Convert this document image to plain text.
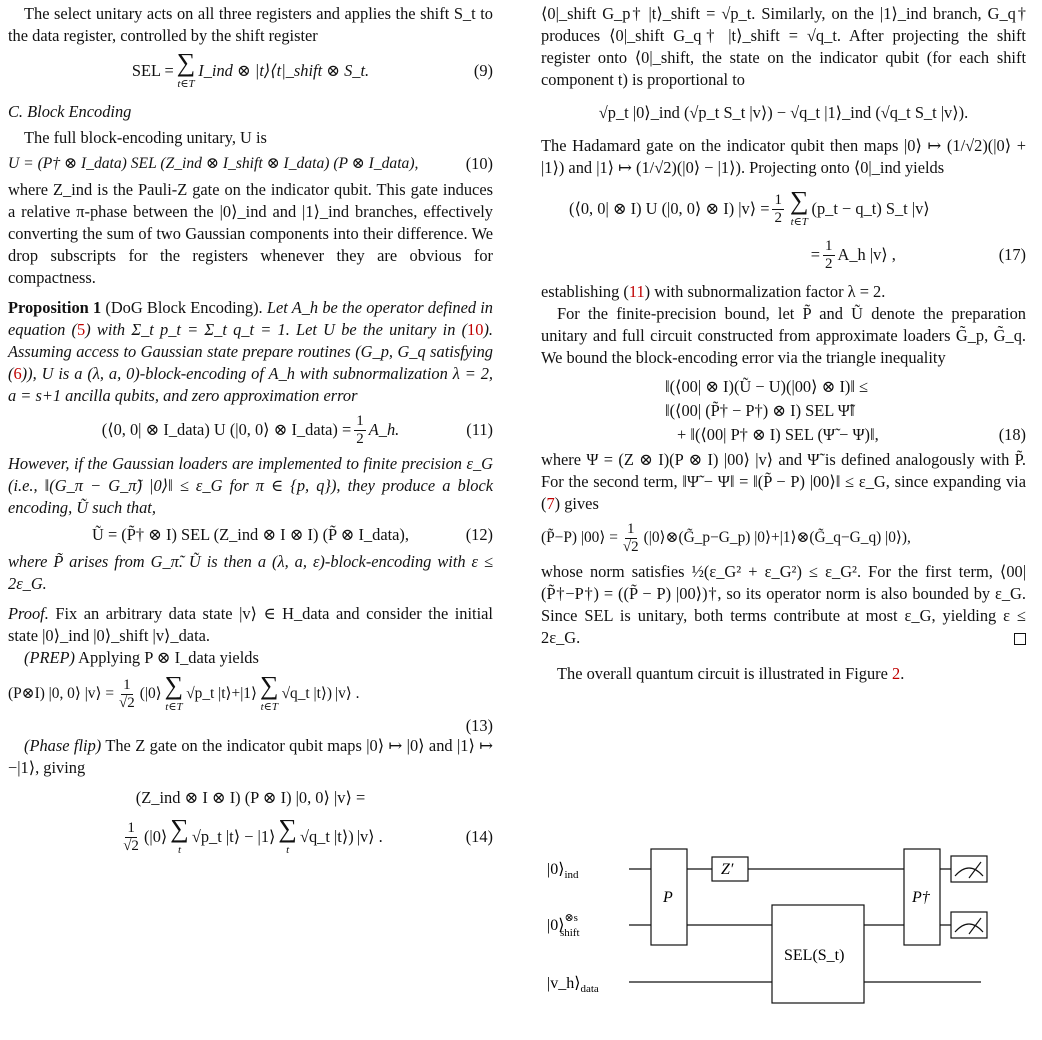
The select unitary acts on all three registers and applies the shift S_t to the data register, controlled by the shift register

SEL = ∑
t∈T
I_ind ⊗ |t⟩⟨t|_shift ⊗ S_t.	(9)
C. Block Encoding

The full block-encoding unitary, U is

U = (P† ⊗ I_data) SEL (Z_ind ⊗ I_shift ⊗ I_data) (P ⊗ I_data),	(10)

where Z_ind is the Pauli-Z gate on the indicator qubit. This gate induces a relative π-phase between the |0⟩_ind and |1⟩_ind branches, effectively converting the sum of two Gaussian components into their difference. We drop subscripts for the registers whenever they are obvious for compactness.

Proposition 1 (DoG Block Encoding). Let A_h be the operator defined in equation (5) with Σ_t p_t = Σ_t q_t = 1. Let U be the unitary in (10). Assuming access to Gaussian state prepare routines (G_p, G_q satisfying (6)), U is a (λ, a, 0)-block-encoding of A_h with subnormalization λ = 2, a = s+1 ancilla qubits, and zero approximation error

(⟨0, 0| ⊗ I_data) U (|0, 0⟩ ⊗ I_data) = $\frac{1}{2}$ A_h.	(11)

However, if the Gaussian loaders are implemented to finite precision ε_G (i.e., ‖(G_π − G_π̃) |0⟩‖ ≤ ε_G for π ∈ {p, q}), they produce a block encoding, Ũ such that,

Ũ = (P̃† ⊗ I) SEL (Z_ind ⊗ I ⊗ I) (P̃ ⊗ I_data),	(12)

where P̃ arises from G_π̃. Ũ is then a (λ, a, ε)-block-encoding with ε ≤ 2ε_G.

Proof. Fix an arbitrary data state |v⟩ ∈ H_data and consider the initial state |0⟩_ind |0⟩_shift |v⟩_data.

(PREP) Applying P ⊗ I_data yields

(P⊗I) |0, 0⟩ |v⟩ = $\frac{1}{√2}$ ( |0⟩ ∑
t∈T
√p_t |t⟩+|1⟩ ∑
t∈T
√q_t |t⟩ ) |v⟩ .
(13)

(Phase flip) The Z gate on the indicator qubit maps |0⟩ ↦ |0⟩ and |1⟩ ↦ −|1⟩, giving

(Z_ind ⊗ I ⊗ I) (P ⊗ I) |0, 0⟩ |v⟩ =
$\frac{1}{√2}$ ( |0⟩ ∑
t
√p_t |t⟩ − |1⟩ ∑
t
√q_t |t⟩ ) |v⟩ .	(14)

⟨0|_shift G_p† |t⟩_shift = √p_t. Similarly, on the |1⟩_ind branch, G_q† produces ⟨0|_shift G_q† |t⟩_shift = √q_t. After projecting the shift register onto ⟨0|_shift, the state on the indicator qubit (for each shift component t) is proportional to

√p_t |0⟩_ind (√p_t S_t |v⟩) − √q_t |1⟩_ind (√q_t S_t |v⟩).

The Hadamard gate on the indicator qubit then maps |0⟩ ↦ (1/√2)(|0⟩ + |1⟩) and |1⟩ ↦ (1/√2)(|0⟩ − |1⟩). Projecting onto ⟨0|_ind yields

(⟨0, 0| ⊗ I) U (|0, 0⟩ ⊗ I) |v⟩ = $\frac{1}{2}$ ∑
t∈T
(p_t − q_t) S_t |v⟩
= $\frac{1}{2}$ A_h |v⟩ ,	(17)

establishing (11) with subnormalization factor λ = 2.

For the finite-precision bound, let P̃ and Ũ denote the preparation unitary and full circuit constructed from approximate loaders G̃_p, G̃_q. We bound the block-encoding error via the triangle inequality

‖(⟨00| ⊗ I)(Ũ − U)(|00⟩ ⊗ I)‖ ≤
‖(⟨00| (P̃† − P†) ⊗ I) SEL Ψ̃‖
+ ‖(⟨00| P† ⊗ I) SEL (Ψ̃ − Ψ)‖,	(18)

where Ψ = (Z ⊗ I)(P ⊗ I) |00⟩ |v⟩ and Ψ̃ is defined analogously with P̃. For the second term, ‖Ψ̃ − Ψ‖ = ‖(P̃ − P) |00⟩‖ ≤ ε_G, since expanding via (7) gives

(P̃−P) |00⟩ = $\frac{1}{√2}$ (|0⟩⊗(G̃_p−G_p) |0⟩+|1⟩⊗(G̃_q−G_q) |0⟩),

whose norm satisfies ½(ε_G² + ε_G²) ≤ ε_G². For the first term, ⟨00| (P̃†−P†) = ((P̃ − P) |00⟩)†, so its operator norm is also bounded by ε_G. Since SEL is unitary, both terms contribute at most ε_G, yielding ε ≤ 2ε_G.

The overall quantum circuit is illustrated in Figure 2.

$|0⟩_{ind}$
|0⟩$^{\otimes s}$ shift
$|v\_h⟩_{data}$
P
Z′
SEL(S_t)
P†
